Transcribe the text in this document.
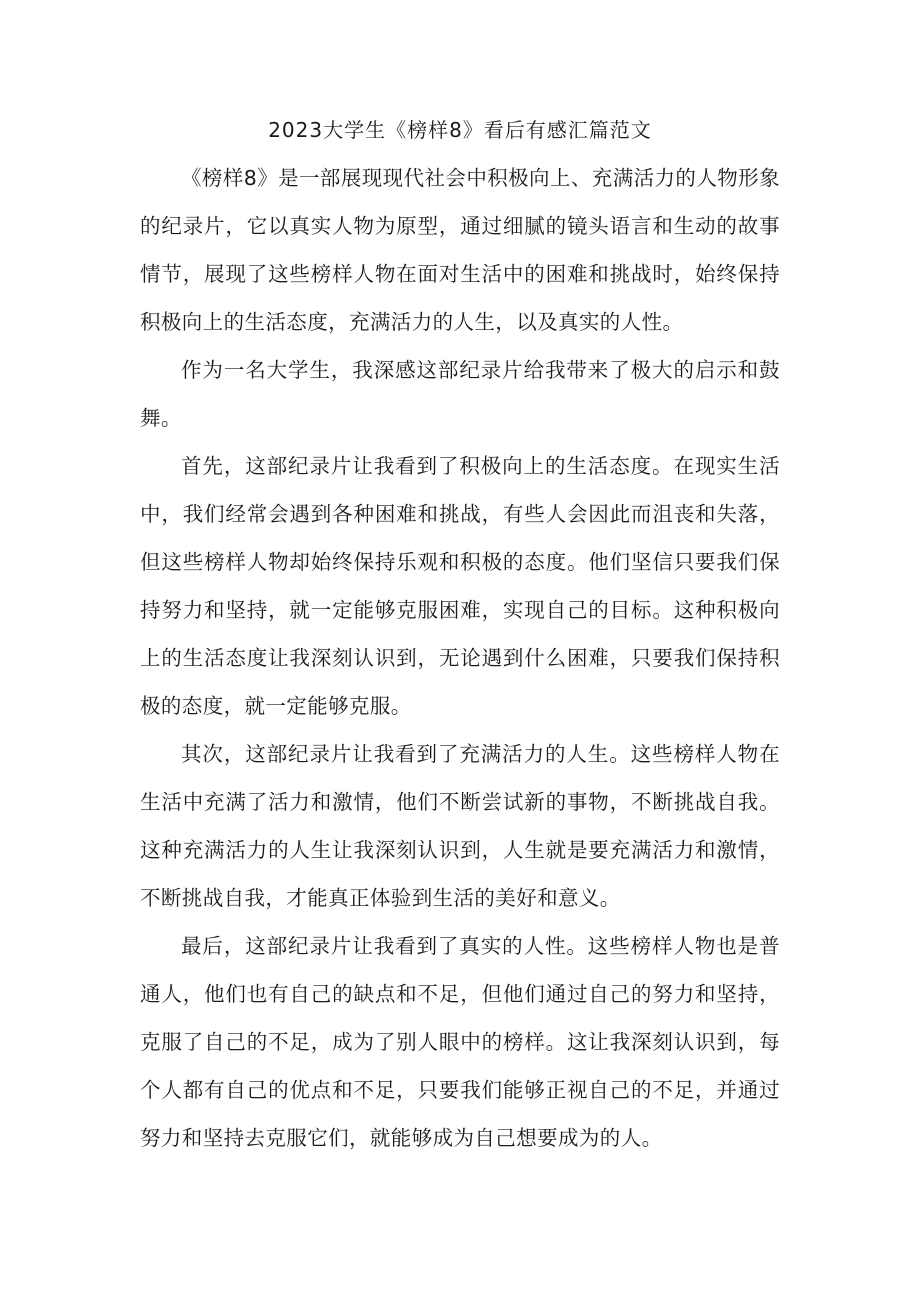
2023大学生《榜样8》看后有感汇篇范文

《榜样8》是一部展现现代社会中积极向上、充满活力的人物形象的纪录片，它以真实人物为原型，通过细腻的镜头语言和生动的故事情节，展现了这些榜样人物在面对生活中的困难和挑战时，始终保持积极向上的生活态度，充满活力的人生，以及真实的人性。

作为一名大学生，我深感这部纪录片给我带来了极大的启示和鼓舞。

首先，这部纪录片让我看到了积极向上的生活态度。在现实生活中，我们经常会遇到各种困难和挑战，有些人会因此而沮丧和失落，但这些榜样人物却始终保持乐观和积极的态度。他们坚信只要我们保持努力和坚持，就一定能够克服困难，实现自己的目标。这种积极向上的生活态度让我深刻认识到，无论遇到什么困难，只要我们保持积极的态度，就一定能够克服。

其次，这部纪录片让我看到了充满活力的人生。这些榜样人物在生活中充满了活力和激情，他们不断尝试新的事物，不断挑战自我。这种充满活力的人生让我深刻认识到，人生就是要充满活力和激情，不断挑战自我，才能真正体验到生活的美好和意义。

最后，这部纪录片让我看到了真实的人性。这些榜样人物也是普通人，他们也有自己的缺点和不足，但他们通过自己的努力和坚持，克服了自己的不足，成为了别人眼中的榜样。这让我深刻认识到，每个人都有自己的优点和不足，只要我们能够正视自己的不足，并通过努力和坚持去克服它们，就能够成为自己想要成为的人。
